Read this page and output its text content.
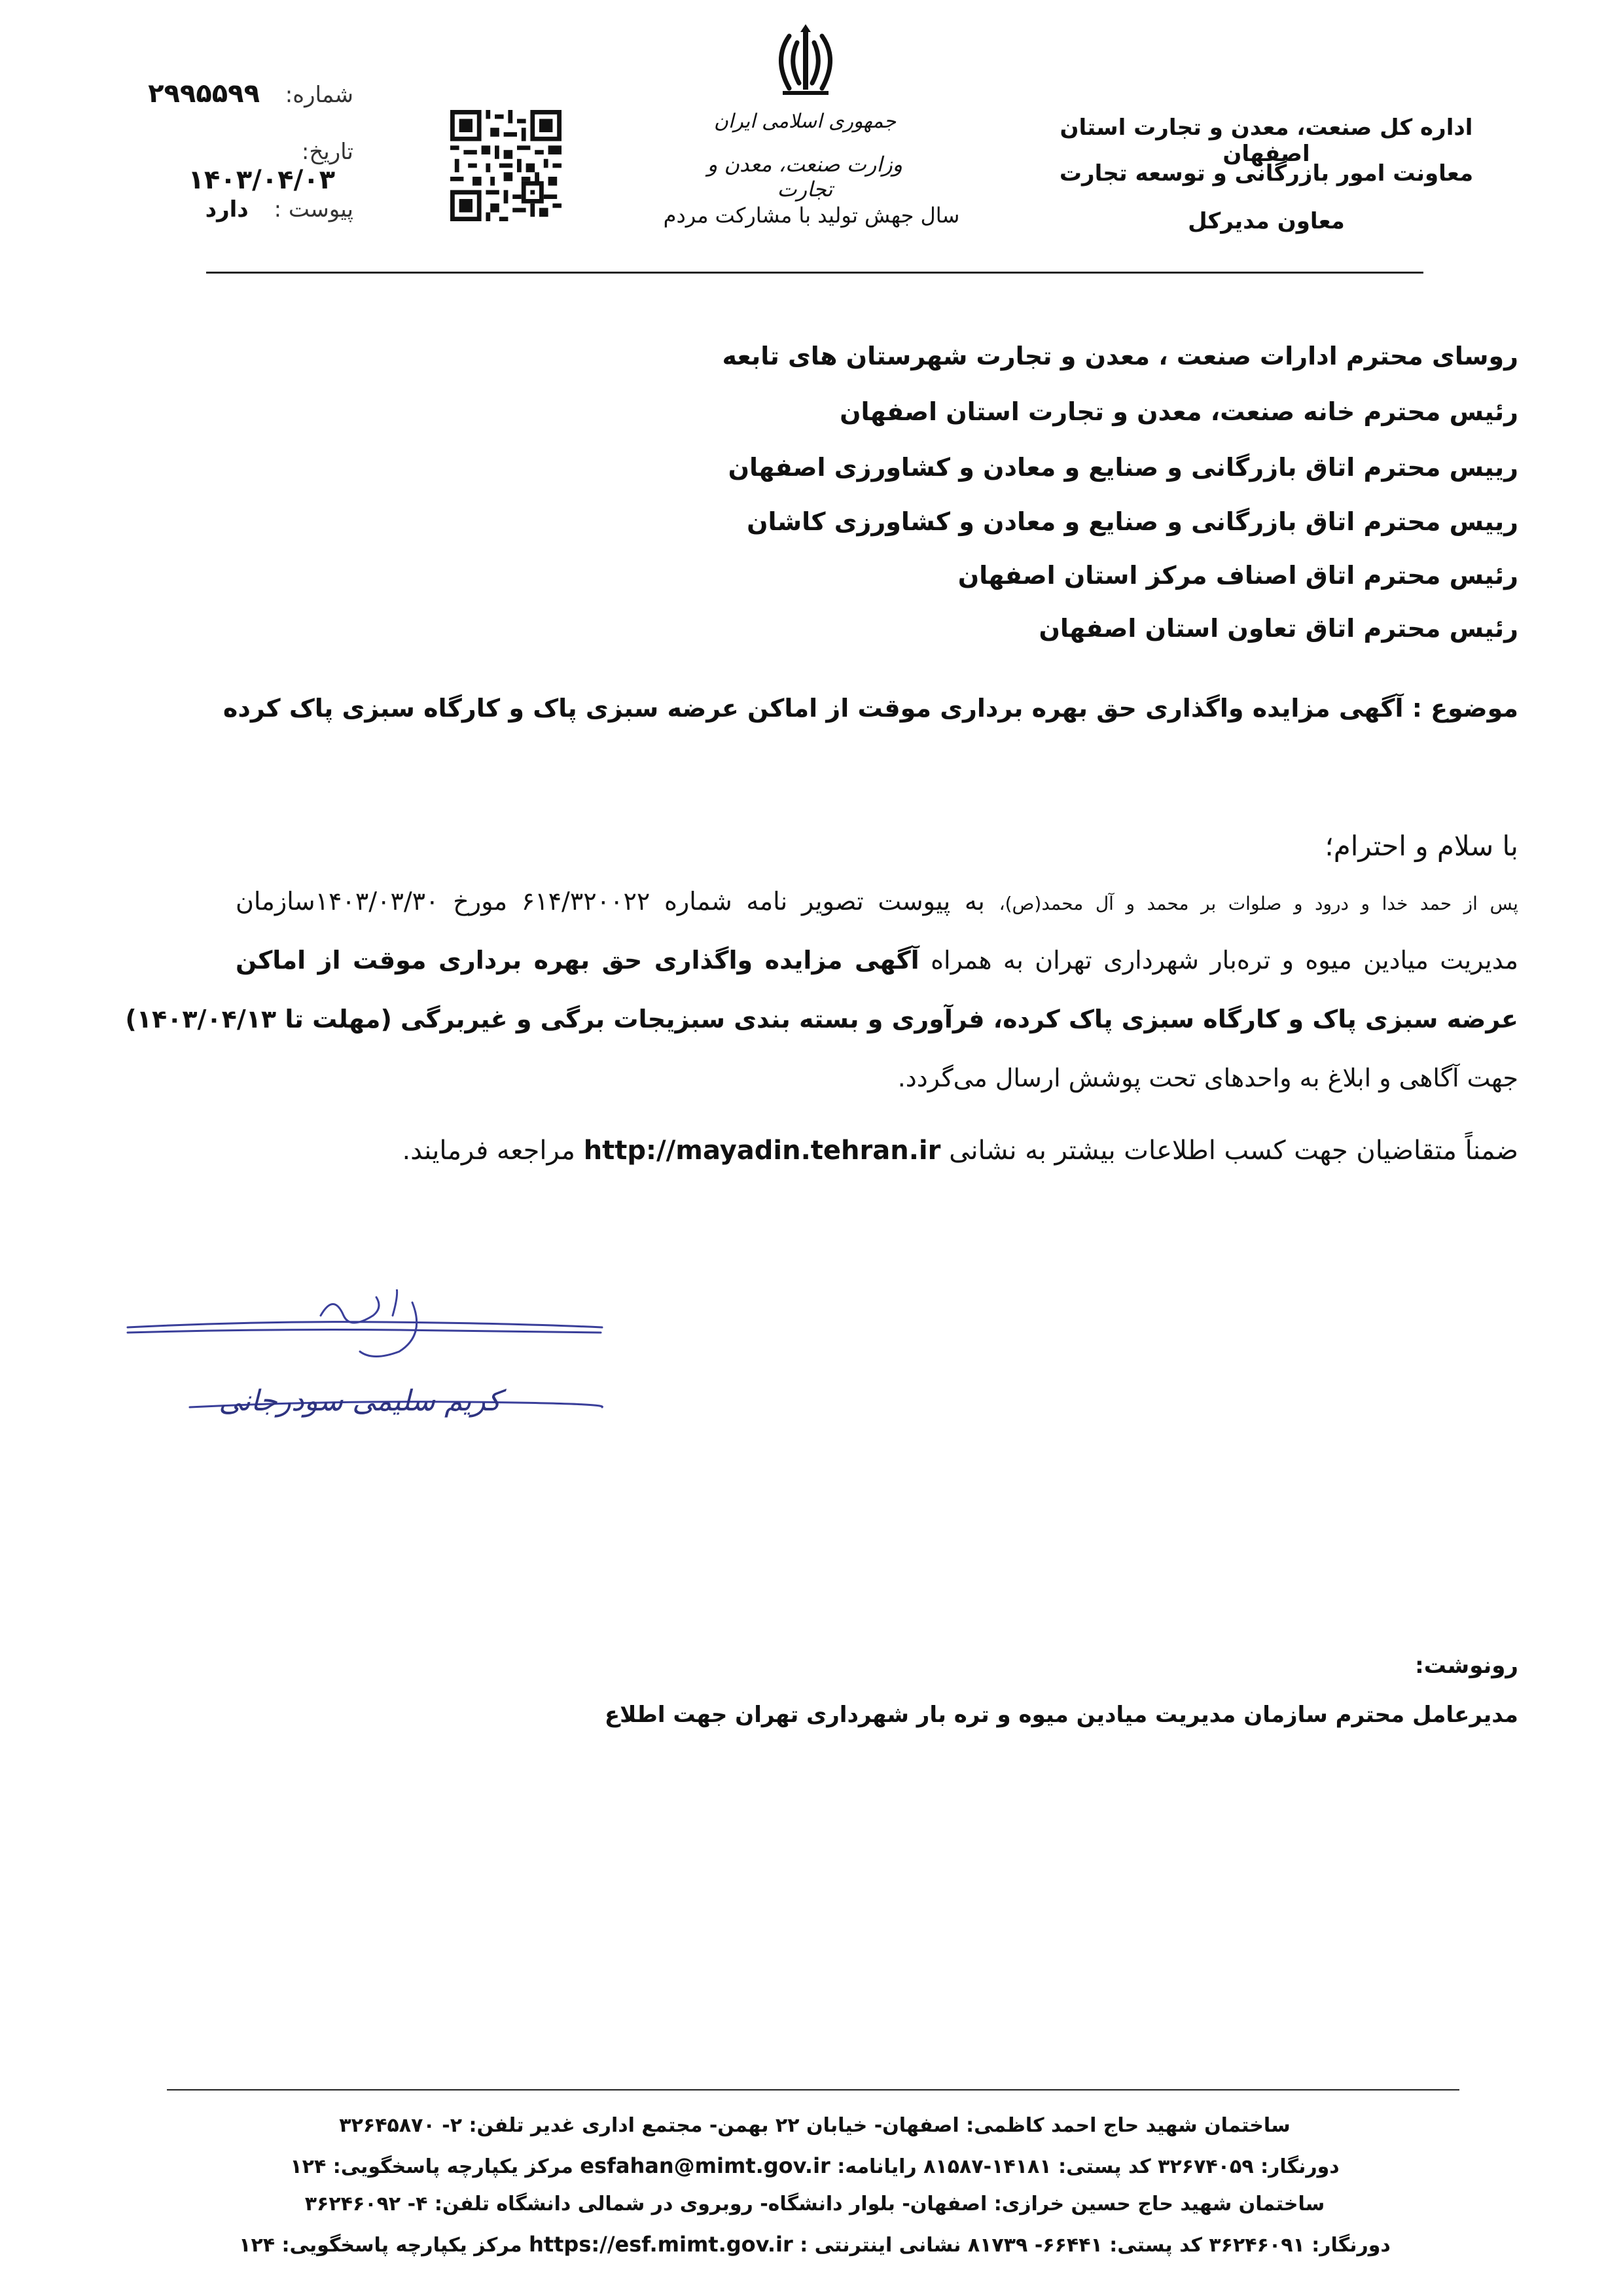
شماره: ۲۹۹۵۵۹۹
تاریخ: ۱۴۰۳/۰۴/۰۳
پیوست : دارد
جمهوری اسلامی ایران
وزارت صنعت، معدن و تجارت
سال جهش تولید با مشارکت مردم
اداره کل صنعت، معدن و تجارت استان اصفهان
معاونت امور بازرگانی و توسعه تجارت
معاون مدیرکل
روسای محترم ادارات صنعت ، معدن و تجارت شهرستان های تابعه
رئیس محترم خانه صنعت، معدن و تجارت استان اصفهان
رییس محترم اتاق بازرگانی و صنایع و معادن و کشاورزی اصفهان
رییس محترم اتاق بازرگانی و صنایع و معادن و کشاورزی کاشان
رئیس محترم اتاق اصناف مرکز استان اصفهان
رئیس محترم اتاق تعاون استان اصفهان
موضوع : آگهی مزایده واگذاری حق بهره برداری موقت از اماکن عرضه سبزی پاک و کارگاه سبزی پاک کرده
با سلام و احترام؛
پس از حمد خدا و درود و صلوات بر محمد و آل محمد(ص)، به پیوست تصویر نامه شماره ۶۱۴/۳۲۰۰۲۲ مورخ ۱۴۰۳/۰۳/۳۰سازمان
مدیریت میادین میوه و تره‌بار شهرداری تهران به همراه آگهی مزایده واگذاری حق بهره برداری موقت از اماکن
عرضه سبزی پاک و کارگاه سبزی پاک کرده، فرآوری و بسته بندی سبزیجات برگی و غیربرگی (مهلت تا ۱۴۰۳/۰۴/۱۳)
جهت آگاهی و ابلاغ به واحدهای تحت پوشش ارسال می‌گردد.
ضمناً متقاضیان جهت کسب اطلاعات بیشتر به نشانی http://mayadin.tehran.ir مراجعه فرمایند.
کریم سلیمی سودرجانی
رونوشت:
مدیرعامل محترم سازمان مدیریت میادین میوه و تره بار شهرداری تهران جهت اطلاع
ساختمان شهید حاج احمد کاظمی: اصفهان- خیابان ۲۲ بهمن- مجتمع اداری غدیر تلفن: ۲- ۳۲۶۴۵۸۷۰
دورنگار: ۳۲۶۷۴۰۵۹ کد پستی: ۱۴۱۸۱-۸۱۵۸۷ رایانامه: esfahan@mimt.gov.ir مرکز یکپارچه پاسخگویی: ۱۲۴
ساختمان شهید حاج حسین خرازی: اصفهان- بلوار دانشگاه- روبروی در شمالی دانشگاه تلفن: ۴- ۳۶۲۴۶۰۹۲
دورنگار: ۳۶۲۴۶۰۹۱ کد پستی: ۶۶۴۴۱- ۸۱۷۳۹ نشانی اینترنتی : https://esf.mimt.gov.ir مرکز یکپارچه پاسخگویی: ۱۲۴
